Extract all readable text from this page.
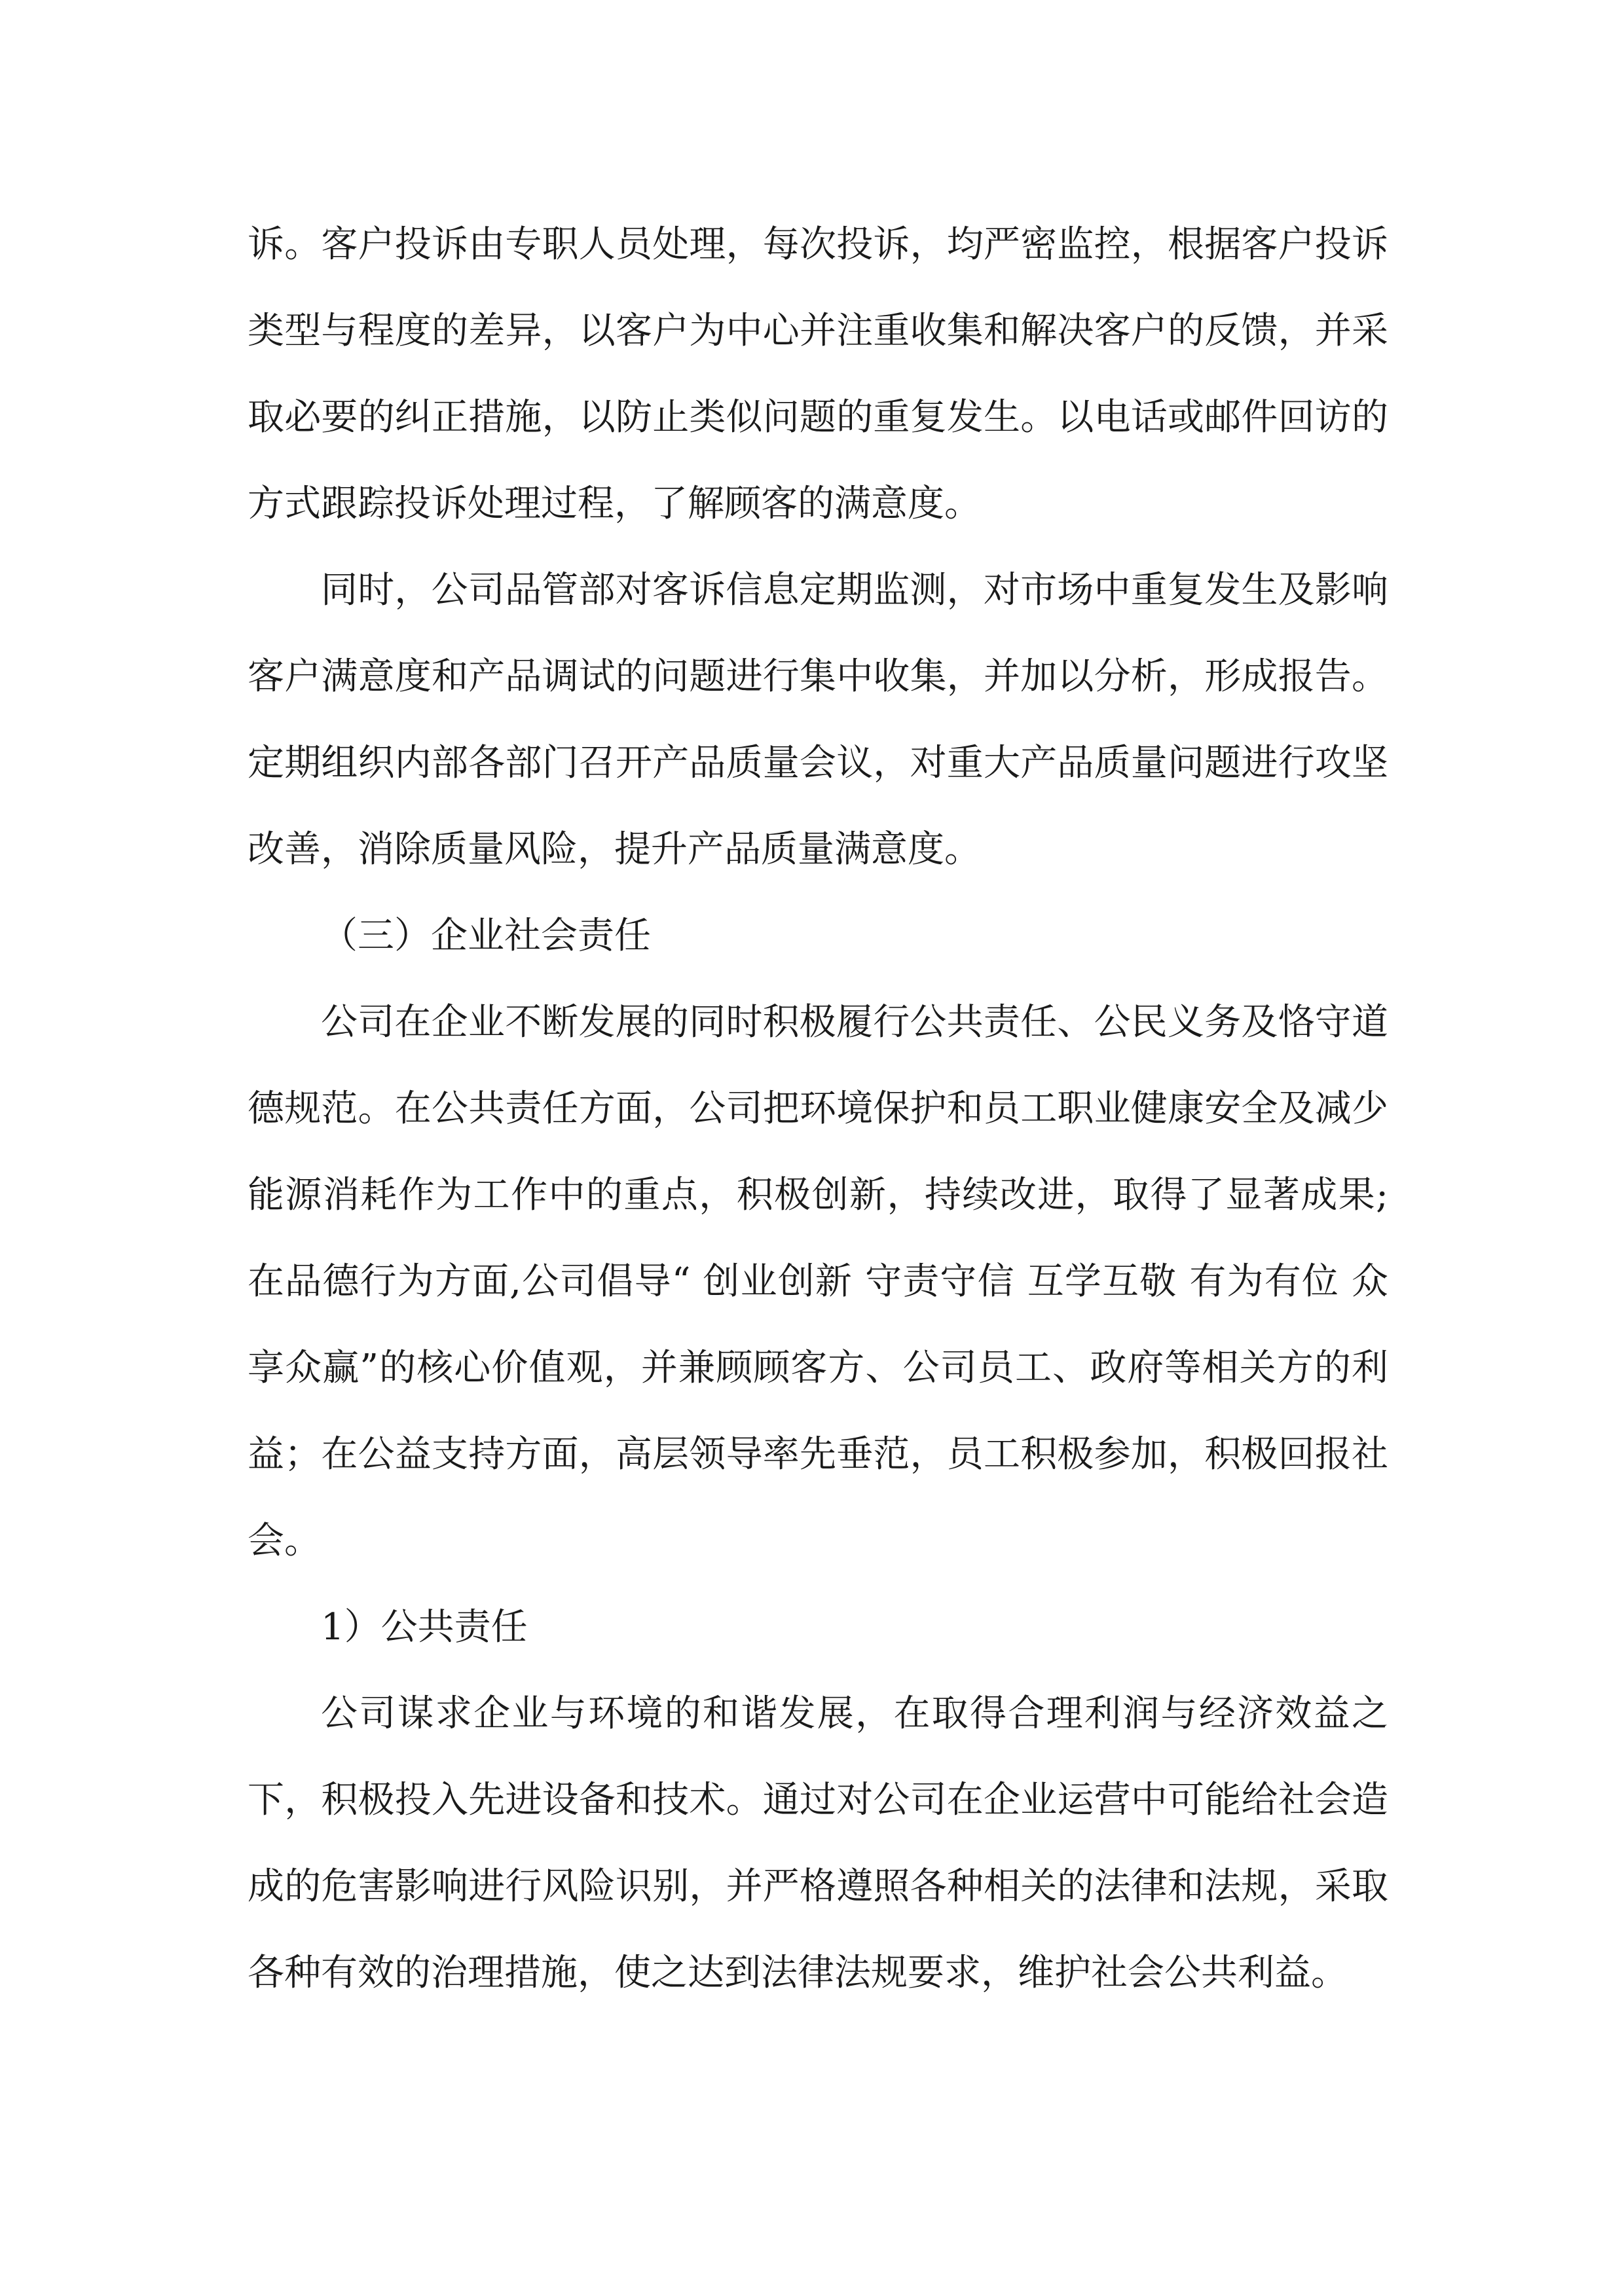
诉。客户投诉由专职人员处理，每次投诉，均严密监控，根据客户投诉类型与程度的差异，以客户为中心并注重收集和解决客户的反馈，并采取必要的纠正措施，以防止类似问题的重复发生。以电话或邮件回访的方式跟踪投诉处理过程，了解顾客的满意度。

同时，公司品管部对客诉信息定期监测，对市场中重复发生及影响客户满意度和产品调试的问题进行集中收集，并加以分析，形成报告。定期组织内部各部门召开产品质量会议，对重大产品质量问题进行攻坚改善，消除质量风险，提升产品质量满意度。

（三）企业社会责任

公司在企业不断发展的同时积极履行公共责任、公民义务及恪守道德规范。在公共责任方面，公司把环境保护和员工职业健康安全及减少能源消耗作为工作中的重点，积极创新，持续改进，取得了显著成果;在品德行为方面,公司倡导“ 创业创新 守责守信 互学互敬 有为有位 众享众赢”的核心价值观，并兼顾顾客方、公司员工、政府等相关方的利益；在公益支持方面，高层领导率先垂范，员工积极参加，积极回报社会。

1）公共责任

公司谋求企业与环境的和谐发展，在取得合理利润与经济效益之下，积极投入先进设备和技术。通过对公司在企业运营中可能给社会造成的危害影响进行风险识别，并严格遵照各种相关的法律和法规，采取各种有效的治理措施，使之达到法律法规要求，维护社会公共利益。
